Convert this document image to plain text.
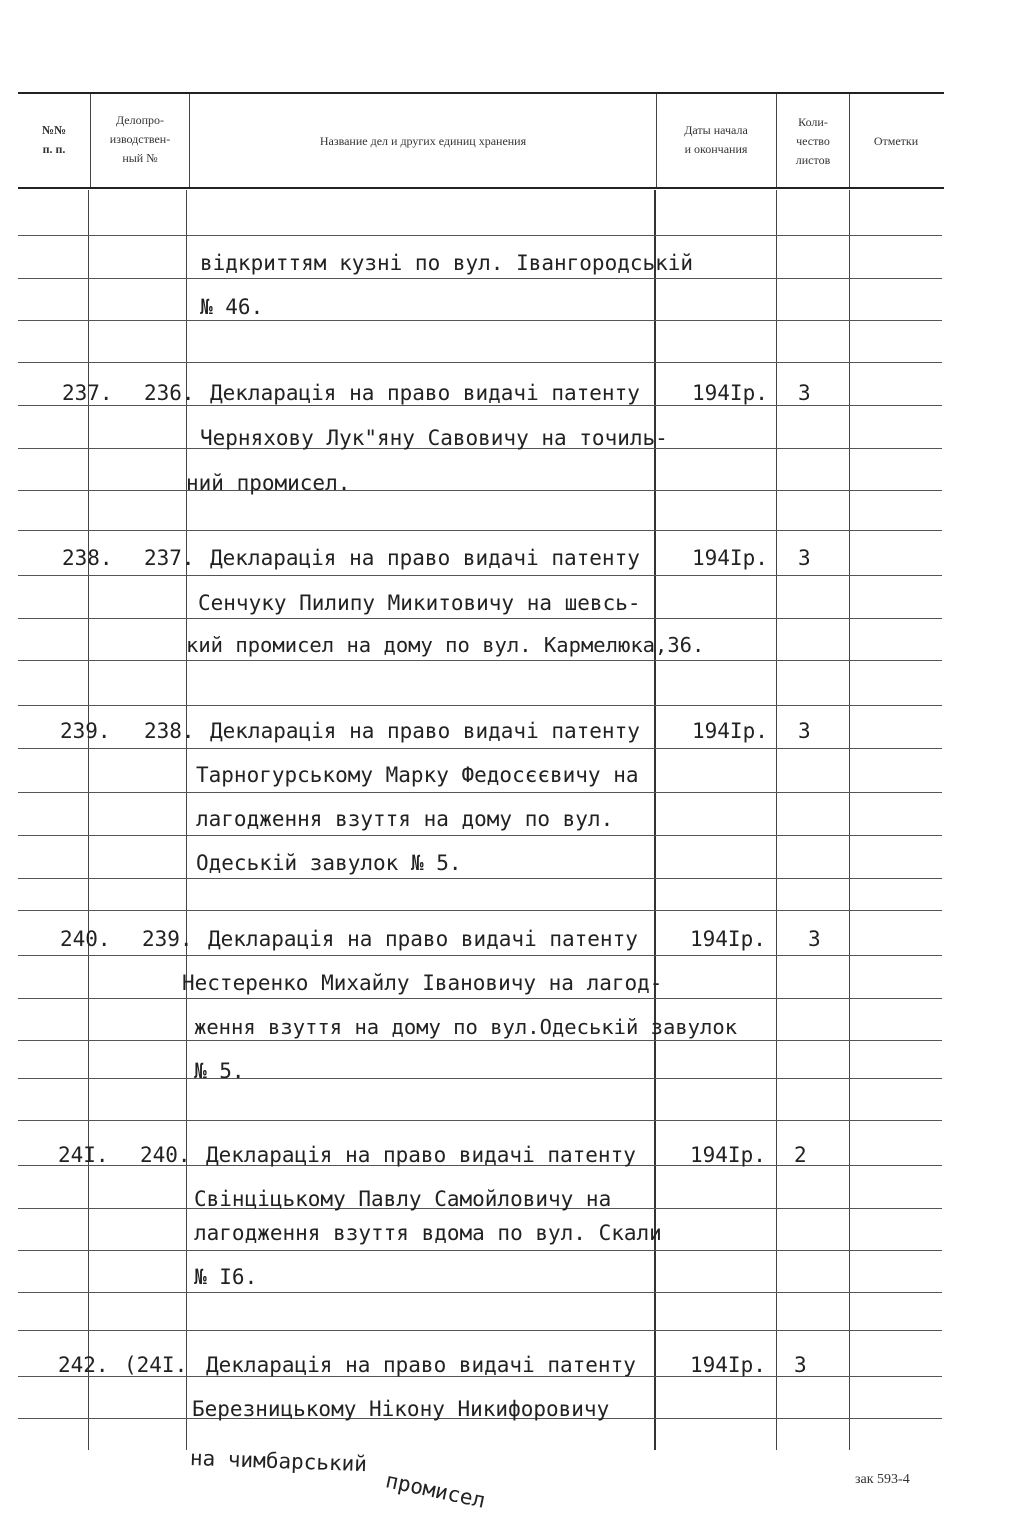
№№
п. п.
Делопро-
изводствен-
ный №
Название дел и других единиц хранения
Даты начала
и окончания
Коли-
чество
листов
Отметки
відкриттям кузні по вул. Івангородській
№ 46.
237. 236. Декларація на право видачі патенту
Черняхову Лук"яну Савовичу на точиль-
ний промисел.
194Iр. 3
238. 237. Декларація на право видачі патенту
Сенчуку Пилипу Микитовичу на шевсь-
кий промисел на дому по вул. Кармелюка,36.
194Iр. 3
239. 238. Декларація на право видачі патенту
Тарногурському Марку Федосєєвичу на
лагодження взуття на дому по вул.
Одеській завулок № 5.
194Iр. 3
240. 239. Декларація на право видачі патенту
Нестеренко Михайлу Івановичу на лагод-
ження взуття на дому по вул.Одеській завулок
№ 5.
194Iр. 3
24I. 240. Декларація на право видачі патенту
Свінціцькому Павлу Самойловичу на
лагодження взуття вдома по вул. Скали
№ I6.
194Iр. 2
242. (24I. Декларація на право видачі патенту
Березницькому Нікону Никифоровичу
194Iр. 3
на чимбарський
промисел	зак 593-4
